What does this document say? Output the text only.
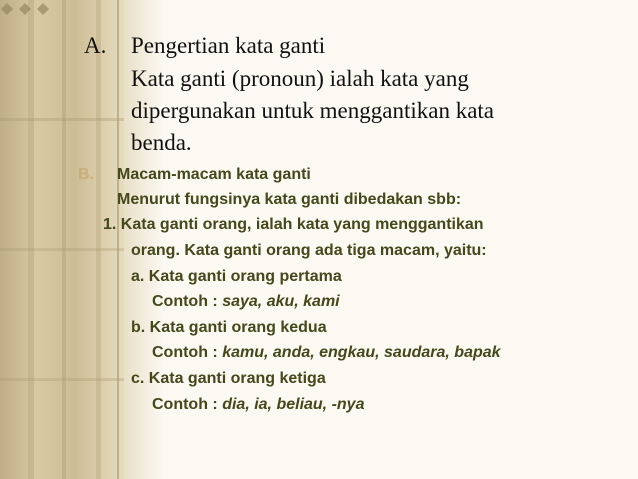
A. Pengertian kata ganti
Kata ganti (pronoun) ialah kata yang
dipergunakan untuk menggantikan kata
benda.
B. Macam-macam kata ganti
Menurut fungsinya kata ganti dibedakan sbb:
1. Kata ganti orang, ialah kata yang menggantikan
orang. Kata ganti orang ada tiga macam, yaitu:
a. Kata ganti orang pertama
Contoh : saya, aku, kami
b. Kata ganti orang kedua
Contoh : kamu, anda, engkau, saudara, bapak
c. Kata ganti orang ketiga
Contoh : dia, ia, beliau, -nya
